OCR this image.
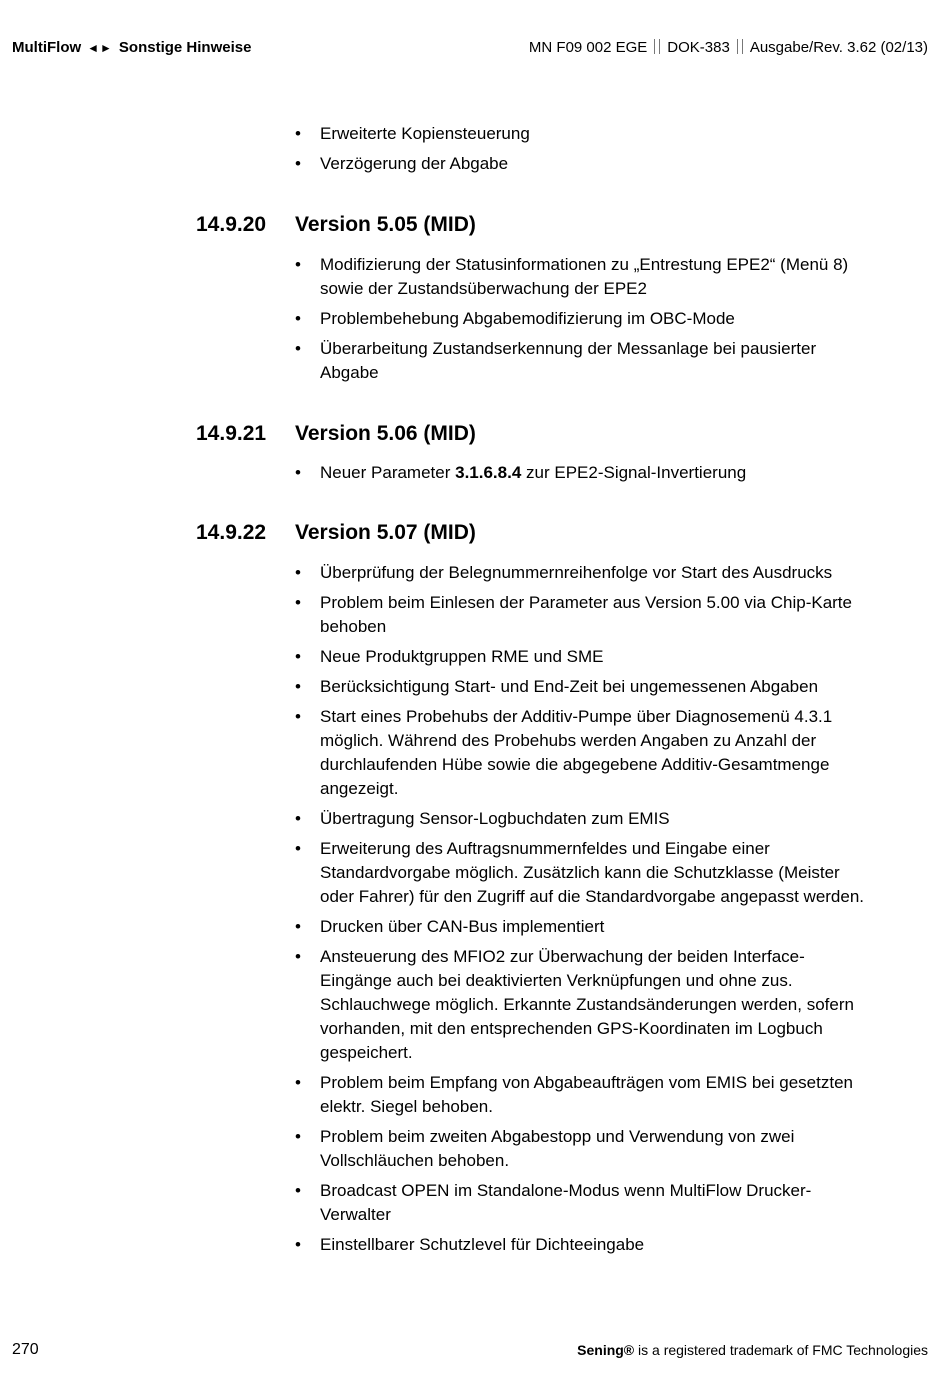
MultiFlow ◄► Sonstige Hinweise	MN F09 002 EGE DOK-383 Ausgabe/Rev. 3.62 (02/13)
• Erweiterte Kopiensteuerung
• Verzögerung der Abgabe
14.9.20 Version 5.05 (MID)
• Modifizierung der Statusinformationen zu „Entrestung EPE2“ (Menü 8) sowie der Zustandsüberwachung der EPE2
• Problembehebung Abgabemodifizierung im OBC-Mode
• Überarbeitung Zustandserkennung der Messanlage bei pausierter Abgabe
14.9.21 Version 5.06 (MID)
• Neuer Parameter 3.1.6.8.4 zur EPE2-Signal-Invertierung
14.9.22 Version 5.07 (MID)
• Überprüfung der Belegnummernreihenfolge vor Start des Ausdrucks
• Problem beim Einlesen der Parameter aus Version 5.00 via Chip-Karte behoben
• Neue Produktgruppen RME und SME
• Berücksichtigung Start- und End-Zeit bei ungemessenen Abgaben
• Start eines Probehubs der Additiv-Pumpe über Diagnosemenü 4.3.1 möglich. Während des Probehubs werden Angaben zu Anzahl der durchlaufenden Hübe sowie die abgegebene Additiv-Gesamtmenge angezeigt.
• Übertragung Sensor-Logbuchdaten zum EMIS
• Erweiterung des Auftragsnummernfeldes und Eingabe einer Standardvorgabe möglich. Zusätzlich kann die Schutzklasse (Meister oder Fahrer) für den Zugriff auf die Standardvorgabe angepasst werden.
• Drucken über CAN-Bus implementiert
• Ansteuerung des MFIO2 zur Überwachung der beiden Interface-Eingänge auch bei deaktivierten Verknüpfungen und ohne zus. Schlauchwege möglich. Erkannte Zustandsänderungen werden, sofern vorhanden, mit den entsprechenden GPS-Koordinaten im Logbuch gespeichert.
• Problem beim Empfang von Abgabeaufträgen vom EMIS bei gesetzten elektr. Siegel behoben.
• Problem beim zweiten Abgabestopp und Verwendung von zwei Vollschläuchen behoben.
• Broadcast OPEN im Standalone-Modus wenn MultiFlow Drucker-Verwalter
• Einstellbarer Schutzlevel für Dichteeingabe
270	Sening® is a registered trademark of FMC Technologies
